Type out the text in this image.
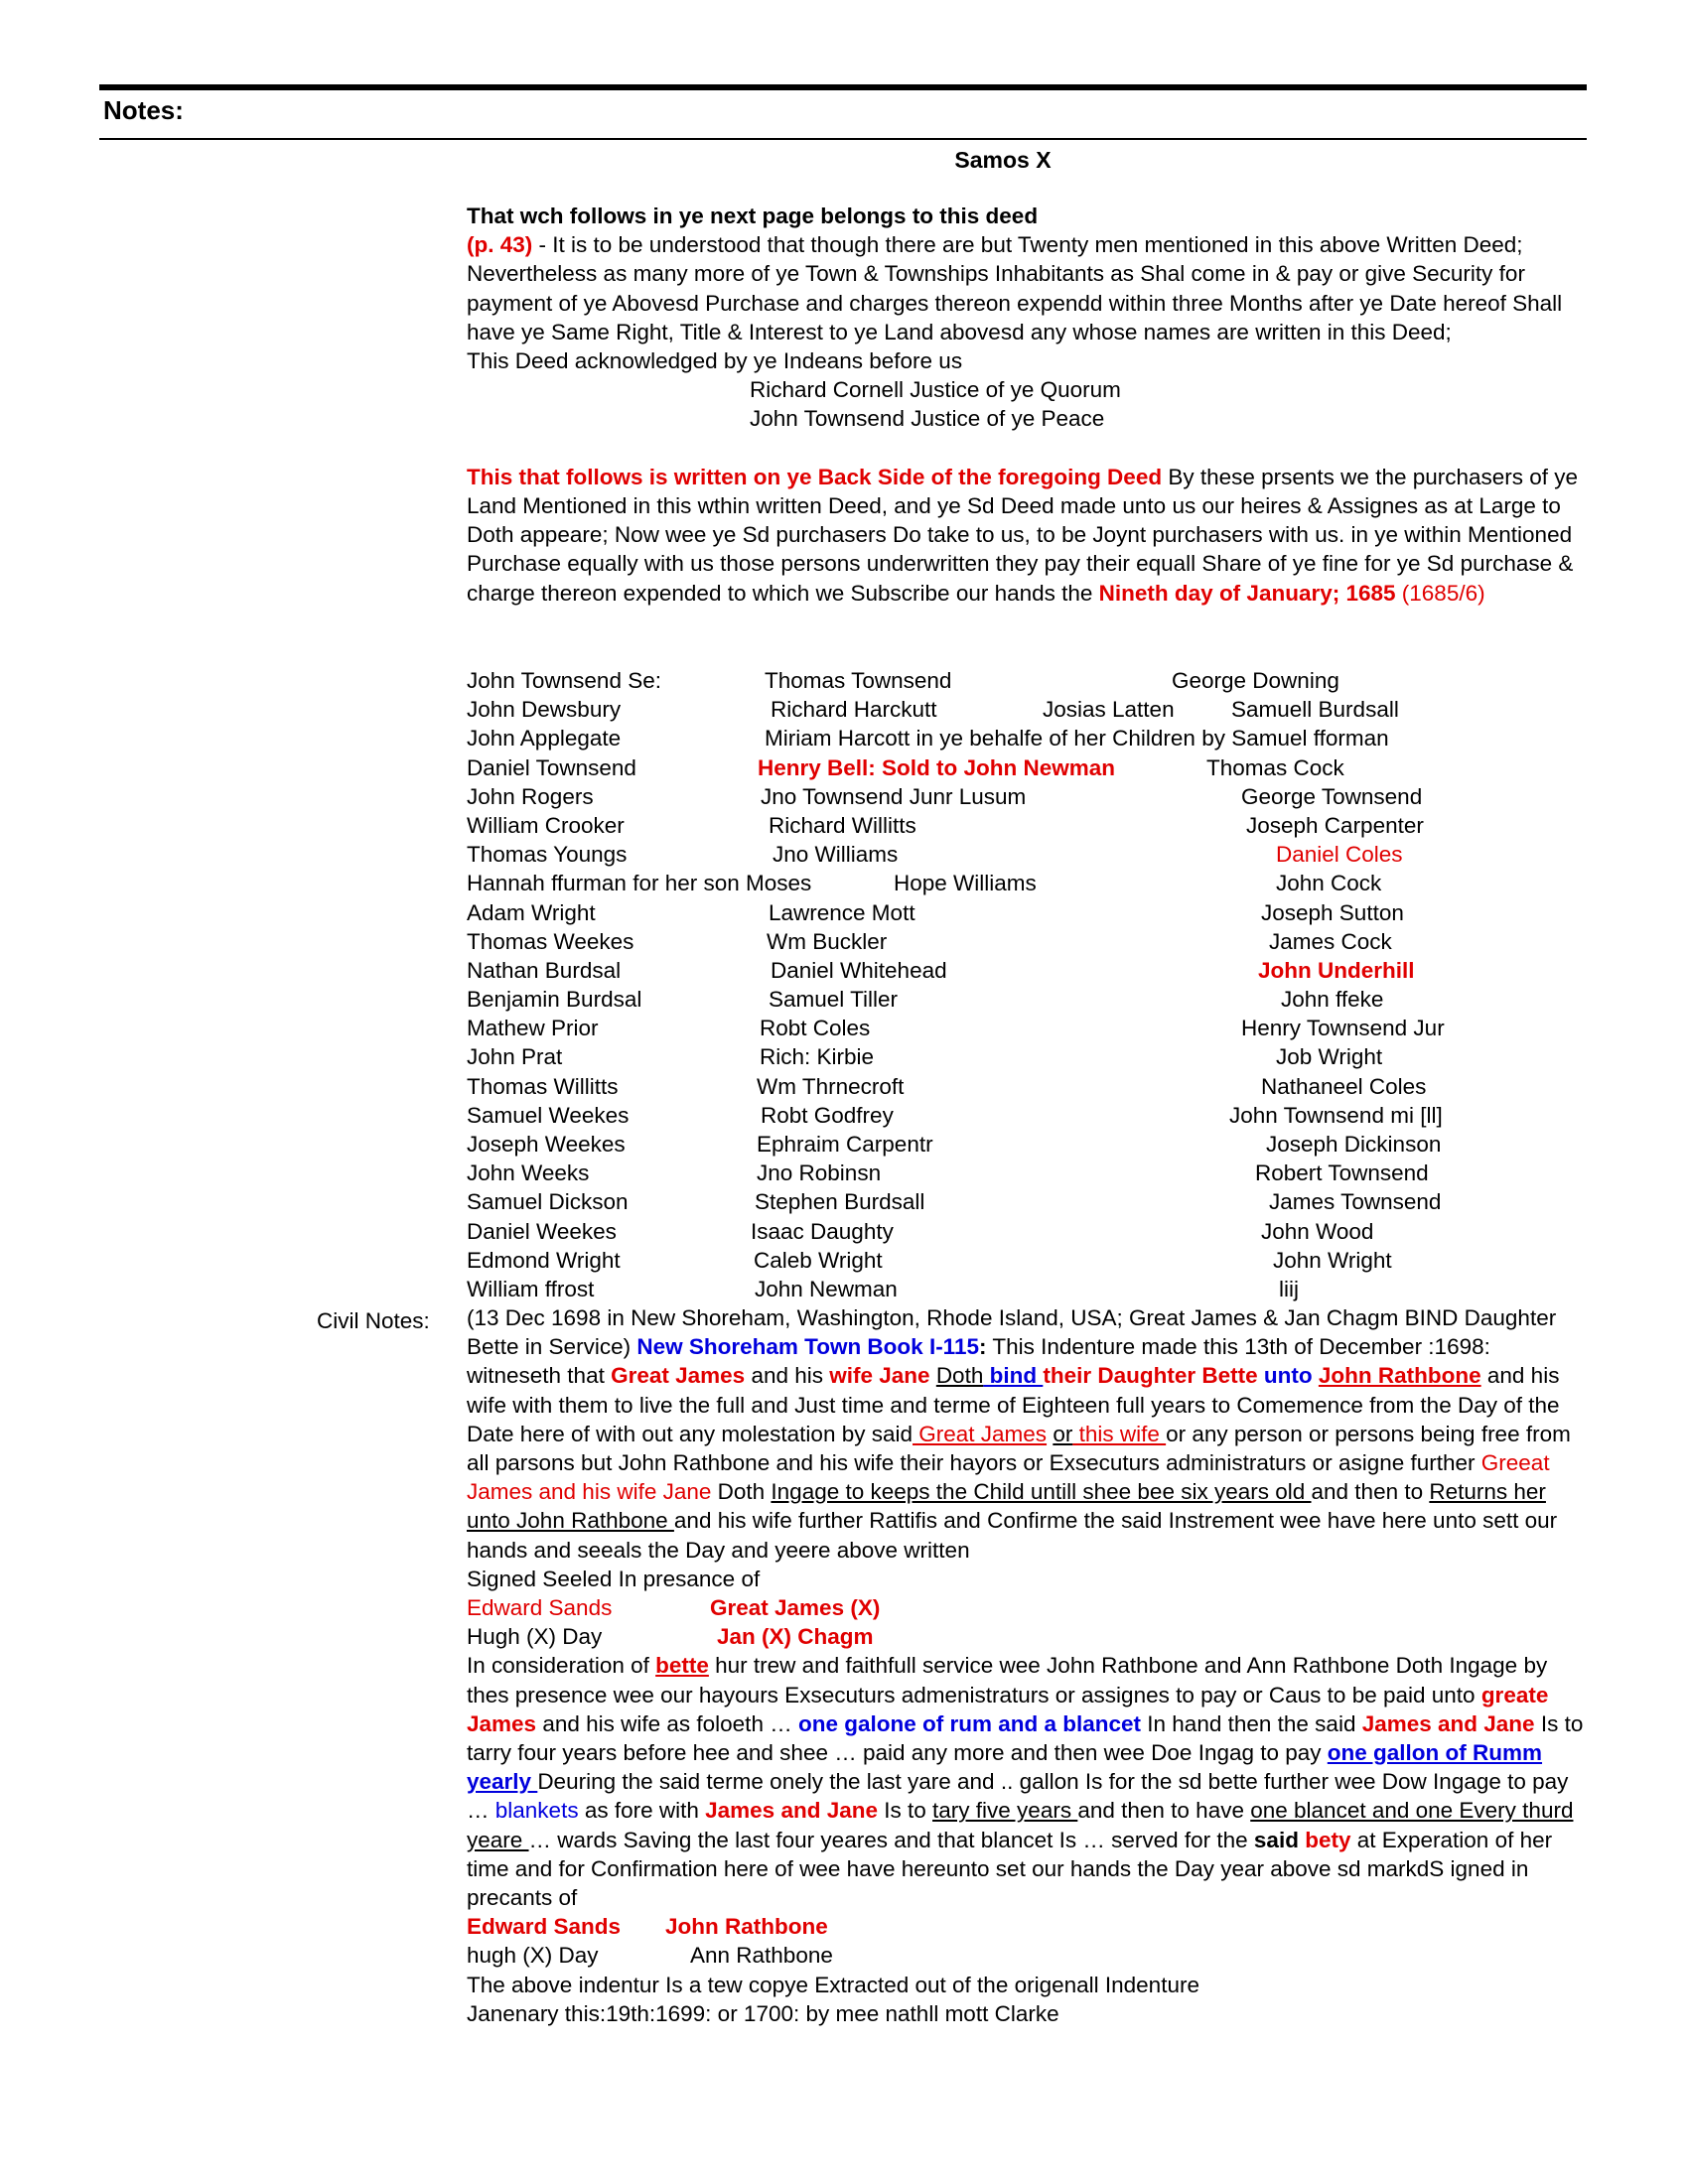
Notes:
Samos X
That wch follows in ye next page belongs to this deed
(p. 43) - It is to be understood that though there are but Twenty men mentioned in this above Written Deed; Nevertheless as many more of ye Town & Townships Inhabitants as Shal come in & pay or give Security for payment of ye Abovesd Purchase and charges thereon expendd within three Months after ye Date hereof Shall have ye Same Right, Title & Interest to ye Land abovesd any whose names are written in this Deed;
This Deed acknowledged by ye Indeans before us
Richard Cornell Justice of ye Quorum
John Townsend Justice of ye Peace
This that follows is written on ye Back Side of the foregoing Deed By these prsents we the purchasers of ye Land Mentioned in this wthin written Deed, and ye Sd Deed made unto us our heires & Assignes as at Large to Doth appeare; Now wee ye Sd purchasers Do take to us, to be Joynt purchasers with us. in ye within Mentioned Purchase equally with us those persons underwritten they pay their equall Share of ye fine for ye Sd purchase & charge thereon expended to which we Subscribe our hands the Nineth day of January; 1685 (1685/6)
John Townsend Se:	Thomas Townsend	George Downing
John Dewsbury	Richard Harckutt	Josias Latten	Samuell Burdsall
John Applegate	Miriam Harcott in ye behalfe of her Children by Samuel fforman
Daniel Townsend	Henry Bell: Sold to John Newman	Thomas Cock
John Rogers	Jno Townsend Junr Lusum	George Townsend
William Crooker	Richard Willitts	Joseph Carpenter
Thomas Youngs	Jno Williams	Daniel Coles
Hannah ffurman for her son Moses	Hope Williams	John Cock
Adam Wright	Lawrence Mott	Joseph Sutton
Thomas Weekes	Wm Buckler	James Cock
Nathan Burdsal	Daniel Whitehead	John Underhill
Benjamin Burdsal	Samuel Tiller	John ffeke
Mathew Prior	Robt Coles	Henry Townsend Jur
John Prat	Rich: Kirbie	Job Wright
Thomas Willitts	Wm Thrnecroft	Nathaneel Coles
Samuel Weekes	Robt Godfrey	John Townsend mi [ll]
Joseph Weekes	Ephraim Carpentr	Joseph Dickinson
John Weeks	Jno Robinsn	Robert Townsend
Samuel Dickson	Stephen Burdsall	James Townsend
Daniel Weekes	Isaac Daughty	John Wood
Edmond Wright	Caleb Wright	John Wright
William ffrost	John Newman	liij
Civil Notes: (13 Dec 1698 in New Shoreham, Washington, Rhode Island, USA; Great James & Jan Chagm BIND Daughter Bette in Service) New Shoreham Town Book I-115: This Indenture made this 13th of December :1698: witneseth that Great James and his wife Jane Doth bind their Daughter Bette unto John Rathbone and his wife with them to live the full and Just time and terme of Eighteen full years to Comemence from the Day of the Date here of with out any molestation by said Great James or this wife or any person or persons being free from all parsons but John Rathbone and his wife their hayors or Exsecuturs administraturs or asigne further Greeat James and his wife Jane Doth Ingage to keeps the Child untill shee bee six years old and then to Returns her unto John Rathbone and his wife further Rattifis and Confirme the said Instrement wee have here unto sett our hands and seeals the Day and yeere above written
Signed Seeled In presance of
Edward Sands	Great James (X)
Hugh (X) Day	Jan (X) Chagm
In consideration of bette hur trew and faithfull service wee John Rathbone and Ann Rathbone Doth Ingage by thes presence wee our hayours Exsecuturs admenistraturs or assignes to pay or Caus to be paid unto greate James and his wife as foloeth … one galone of rum and a blancet In hand then the said James and Jane Is to tarry four years before hee and shee … paid any more and then wee Doe Ingag to pay one gallon of Rumm yearly Deuring the said terme onely the last yare and .. gallon Is for the sd bette further wee Dow Ingage to pay … blankets as fore with James and Jane Is to tary five years and then to have one blancet and one Every thurd yeare … wards Saving the last four yeares and that blancet Is … served for the said bety at Experation of her time and for Confirmation here of wee have hereunto set our hands the Day year above sd markdS igned in precants of
Edward Sands John Rathbone
hugh (X) Day	Ann Rathbone
The above indentur Is a tew copye Extracted out of the origenall Indenture
Janenary this:19th:1699: or 1700: by mee nathll mott Clarke
